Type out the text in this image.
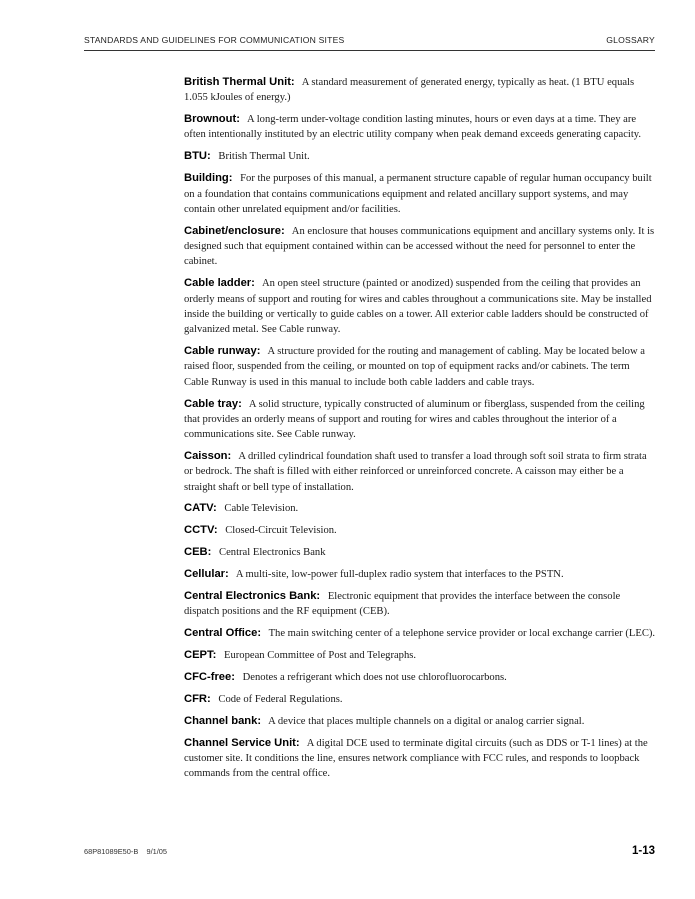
STANDARDS AND GUIDELINES FOR COMMUNICATION SITES	GLOSSARY

British Thermal Unit: A standard measurement of generated energy, typically as heat. (1 BTU equals 1.055 kJoules of energy.)

Brownout: A long-term under-voltage condition lasting minutes, hours or even days at a time. They are often intentionally instituted by an electric utility company when peak demand exceeds generating capacity.

BTU: British Thermal Unit.

Building: For the purposes of this manual, a permanent structure capable of regular human occupancy built on a foundation that contains communications equipment and related ancillary support systems, and may contain other unrelated equipment and/or facilities.

Cabinet/enclosure: An enclosure that houses communications equipment and ancillary systems only. It is designed such that equipment contained within can be accessed without the need for personnel to enter the cabinet.

Cable ladder: An open steel structure (painted or anodized) suspended from the ceiling that provides an orderly means of support and routing for wires and cables throughout a communications site. May be installed inside the building or vertically to guide cables on a tower. All exterior cable ladders should be constructed of galvanized metal. See Cable runway.

Cable runway: A structure provided for the routing and management of cabling. May be located below a raised floor, suspended from the ceiling, or mounted on top of equipment racks and/or cabinets. The term Cable Runway is used in this manual to include both cable ladders and cable trays.

Cable tray: A solid structure, typically constructed of aluminum or fiberglass, suspended from the ceiling that provides an orderly means of support and routing for wires and cables throughout the interior of a communications site. See Cable runway.

Caisson: A drilled cylindrical foundation shaft used to transfer a load through soft soil strata to firm strata or bedrock. The shaft is filled with either reinforced or unreinforced concrete. A caisson may either be a straight shaft or bell type of installation.

CATV: Cable Television.

CCTV: Closed-Circuit Television.

CEB: Central Electronics Bank

Cellular: A multi-site, low-power full-duplex radio system that interfaces to the PSTN.

Central Electronics Bank: Electronic equipment that provides the interface between the console dispatch positions and the RF equipment (CEB).

Central Office: The main switching center of a telephone service provider or local exchange carrier (LEC).

CEPT: European Committee of Post and Telegraphs.

CFC-free: Denotes a refrigerant which does not use chlorofluorocarbons.

CFR: Code of Federal Regulations.

Channel bank: A device that places multiple channels on a digital or analog carrier signal.

Channel Service Unit: A digital DCE used to terminate digital circuits (such as DDS or T-1 lines) at the customer site. It conditions the line, ensures network compliance with FCC rules, and responds to loopback commands from the central office.

68P81089E50-B    9/1/05	1-13
